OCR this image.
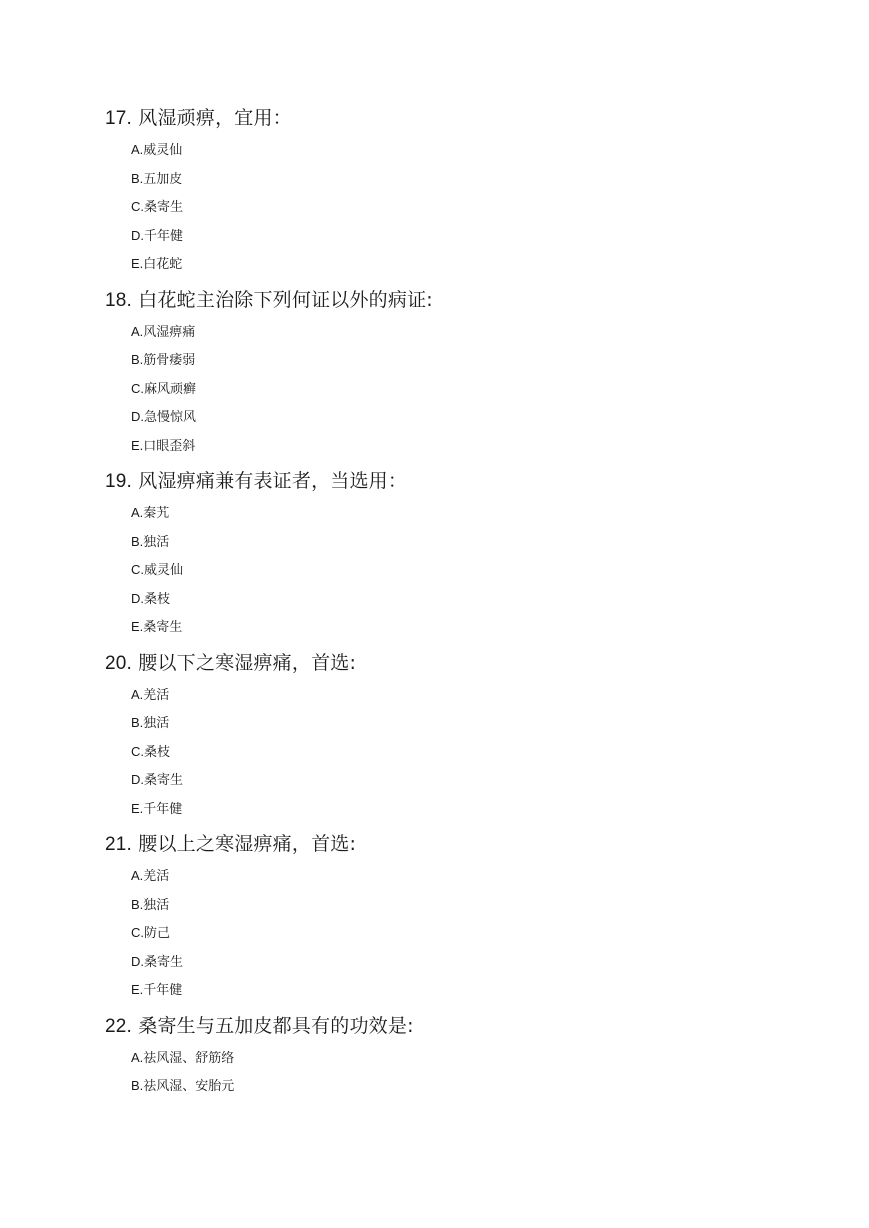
17. 风湿顽痹，宜用：
A.威灵仙
B.五加皮
C.桑寄生
D.千年健
E.白花蛇
18. 白花蛇主治除下列何证以外的病证:
A.风湿痹痛
B.筋骨痿弱
C.麻风顽癣
D.急慢惊风
E.口眼歪斜
19. 风湿痹痛兼有表证者，当选用：
A.秦艽
B.独活
C.威灵仙
D.桑枝
E.桑寄生
20. 腰以下之寒湿痹痛，首选:
A.羌活
B.独活
C.桑枝
D.桑寄生
E.千年健
21. 腰以上之寒湿痹痛，首选:
A.羌活
B.独活
C.防己
D.桑寄生
E.千年健
22. 桑寄生与五加皮都具有的功效是:
A.祛风湿、舒筋络
B.祛风湿、安胎元
